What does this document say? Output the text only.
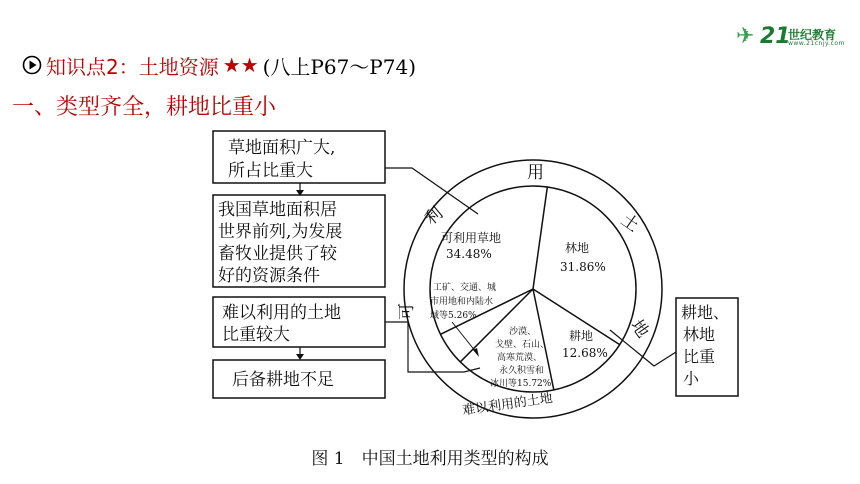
✈ 21
世纪教育
www.21cnjy.com
知识点2：土地资源 ★★ (八上P67～P74)
一、类型齐全，耕地比重小
草地面积广大,
所占比重大
我国草地面积居
世界前列,为发展
畜牧业提供了较
好的资源条件
难以利用的土地
比重较大
后备耕地不足
用
利	土
可
地
难以利用的土地
可利用草地
34.48%	林地
31.86%
耕地
12.68%
工矿、交通、城
市用地和内陆水
域等5.26%
沙漠、
戈壁、石山、
高寒荒漠、
永久积雪和
冰川等15.72%
耕地、
林地
比重
小
图 1　中国土地利用类型的构成
